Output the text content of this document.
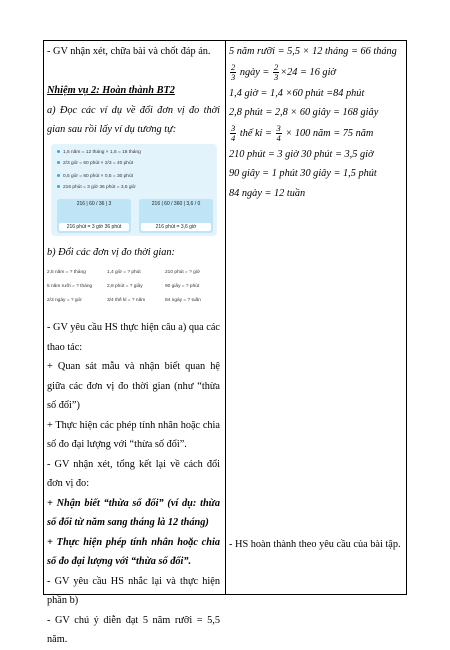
- GV nhận xét, chữa bài và chốt đáp án.

Nhiệm vụ 2: Hoàn thành BT2

a) Đọc các ví dụ về đổi đơn vị đo thời gian sau rồi lấy ví dụ tương tự:

1,5 năm = 12 tháng × 1,5 = 18 tháng
2/3 giờ = 60 phút × 2/3 = 40 phút
0,5 giờ = 60 phút × 0,5 = 30 phút
216 phút = 3 giờ 36 phút = 3,6 giờ
216 | 60 / 36 | 3
216 phút = 3 giờ 36 phút
216 | 60 / 360 | 3,6 / 0
216 phút = 3,6 giờ

b) Đổi các đơn vị đo thời gian:

2,5 năm = ? tháng	1,4 giờ = ? phút	210 phút = ? giờ
5 năm rưỡi = ? tháng	2,8 phút = ? giây	90 giây = ? phút
2/3 ngày = ? giờ	3/4 thế kỉ = ? năm	84 ngày = ? tuần

- GV yêu cầu HS thực hiện câu a) qua các thao tác:

+ Quan sát mẫu và nhận biết quan hệ giữa các đơn vị đo thời gian (như “thừa số đổi”)

+ Thực hiện các phép tính nhân hoặc chia số đo đại lượng với “thừa số đổi”.

- GV nhận xét, tổng kết lại về cách đổi đơn vị đo:

+ Nhận biết “thừa số đổi” (ví dụ: thừa số đổi từ năm sang tháng là 12 tháng)

+ Thực hiện phép tính nhân hoặc chia số đo đại lượng với “thừa số đổi”.

- GV yêu cầu HS nhắc lại và thực hiện phần b)

- GV chú ý diễn đạt 5 năm rưỡi = 5,5 năm.

5 năm rưỡi = 5,5 × 12 tháng = 66 tháng

$\frac{2}{3}$ ngày = $\frac{2}{3} \times 24 = 16$ giờ

1,4 giờ = 1,4 ×60 phút =84 phút

2,8 phút = 2,8 × 60 giây = 168 giây

$\frac{3}{4}$ thế kỉ = $\frac{3}{4} \times 100$ năm = 75 năm

210 phút = 3 giờ 30 phút = 3,5 giờ

90 giây = 1 phút 30 giây = 1,5 phút

84 ngày = 12 tuần

- HS hoàn thành theo yêu cầu của bài tập.
